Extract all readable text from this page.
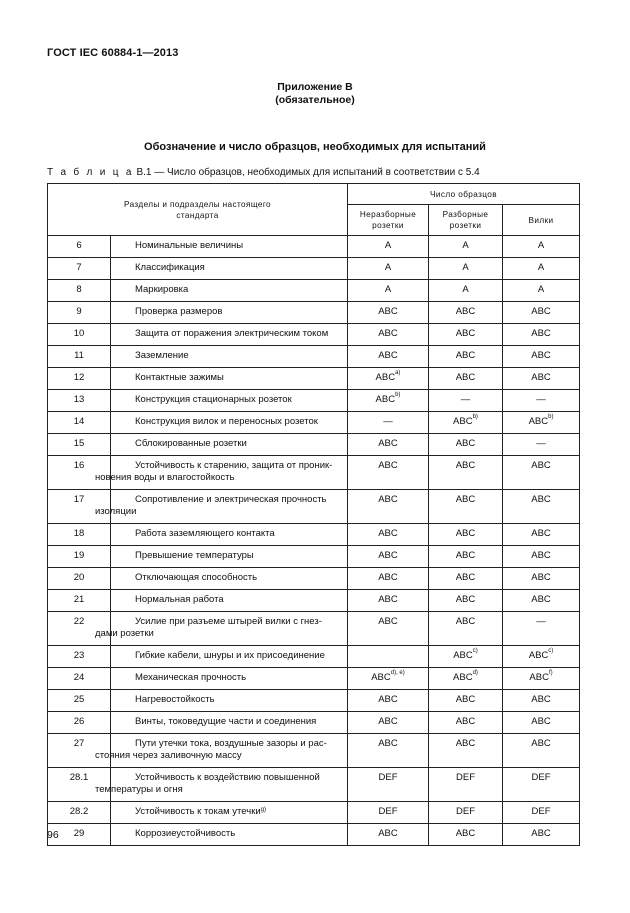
ГОСТ IEC 60884-1—2013
Приложение В
(обязательное)
Обозначение и число образцов, необходимых для испытаний
Т а б л и ц а В.1 — Число образцов, необходимых для испытаний в соответствии с 5.4
Разделы и подразделы настоящего стандарта		Число образцов		

		Неразборные розетки	Разборные розетки	Вилки
6	Номинальные величины	A	A	A
7	Классификация	A	A	A
8	Маркировка	A	A	A
9	Проверка размеров	ABC	ABC	ABC
10	Защита от поражения электрическим током	ABC	ABC	ABC
11	Заземление	ABC	ABC	ABC
12	Контактные зажимы	ABC$^{a)}$	ABC	ABC
13	Конструкция стационарных розеток	ABC$^{b)}$	—	—
14	Конструкция вилок и переносных розеток	—	ABC$^{b)}$	ABC$^{b)}$
15	Сблокированные розетки	ABC	ABC	—
16	Устойчивость к старению, защита от проник-
новения воды и влагостойкость	ABC	ABC	ABC
17	Сопротивление и электрическая прочность
изоляции	ABC	ABC	ABC
18	Работа заземляющего контакта	ABC	ABC	ABC
19	Превышение температуры	ABC	ABC	ABC
20	Отключающая способность	ABC	ABC	ABC
21	Нормальная работа	ABC	ABC	ABC
22	Усилие при разъеме штырей вилки с гнез-
дами розетки	ABC	ABC	—
23	Гибкие кабели, шнуры и их присоединение		ABC$^{c)}$	ABC$^{c)}$
24	Механическая прочность	$ABC^{d), e)}$	ABC$^{d)}$	ABC$^{f)}$
25	Нагревостойкость	ABC	ABC	ABC
26	Винты, токоведущие части и соединения	ABC	ABC	ABC
27	Пути утечки тока, воздушные зазоры и рас-
стояния через заливочную массу	ABC	ABC	ABC
28.1	Устойчивость к воздействию повышенной
температуры и огня	DEF	DEF	DEF
28.2	Устойчивость к токам утечки$^{g)}$	DEF	DEF	DEF
29	Коррозиеустойчивость	ABC	ABC	ABC
96
